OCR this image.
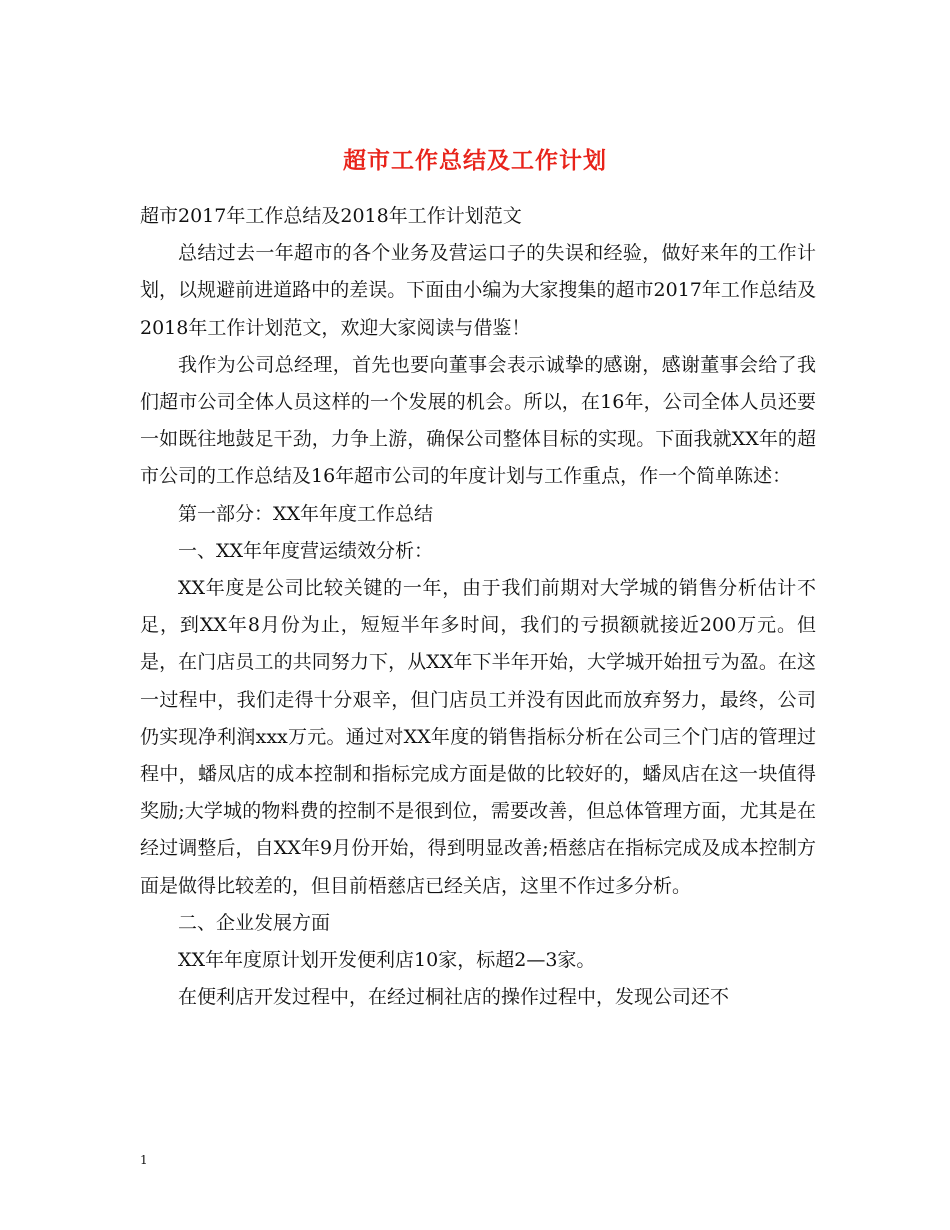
超市工作总结及工作计划

超市2017年工作总结及2018年工作计划范文

总结过去一年超市的各个业务及营运口子的失误和经验，做好来年的工作计划，以规避前进道路中的差误。下面由小编为大家搜集的超市2017年工作总结及2018年工作计划范文，欢迎大家阅读与借鉴！

我作为公司总经理，首先也要向董事会表示诚挚的感谢，感谢董事会给了我们超市公司全体人员这样的一个发展的机会。所以，在16年，公司全体人员还要一如既往地鼓足干劲，力争上游，确保公司整体目标的实现。下面我就XX年的超市公司的工作总结及16年超市公司的年度计划与工作重点，作一个简单陈述：

第一部分：XX年年度工作总结

一、XX年年度营运绩效分析：

XX年度是公司比较关键的一年，由于我们前期对大学城的销售分析估计不足，到XX年8月份为止，短短半年多时间，我们的亏损额就接近200万元。但是，在门店员工的共同努力下，从XX年下半年开始，大学城开始扭亏为盈。在这一过程中，我们走得十分艰辛，但门店员工并没有因此而放弃努力，最终，公司仍实现净利润xxx万元。通过对XX年度的销售指标分析在公司三个门店的管理过程中，蟠凤店的成本控制和指标完成方面是做的比较好的，蟠凤店在这一块值得奖励;大学城的物料费的控制不是很到位，需要改善，但总体管理方面，尤其是在经过调整后，自XX年9月份开始，得到明显改善;梧慈店在指标完成及成本控制方面是做得比较差的，但目前梧慈店已经关店，这里不作过多分析。

二、企业发展方面

XX年年度原计划开发便利店10家，标超2—3家。

在便利店开发过程中，在经过桐社店的操作过程中，发现公司还不

1
